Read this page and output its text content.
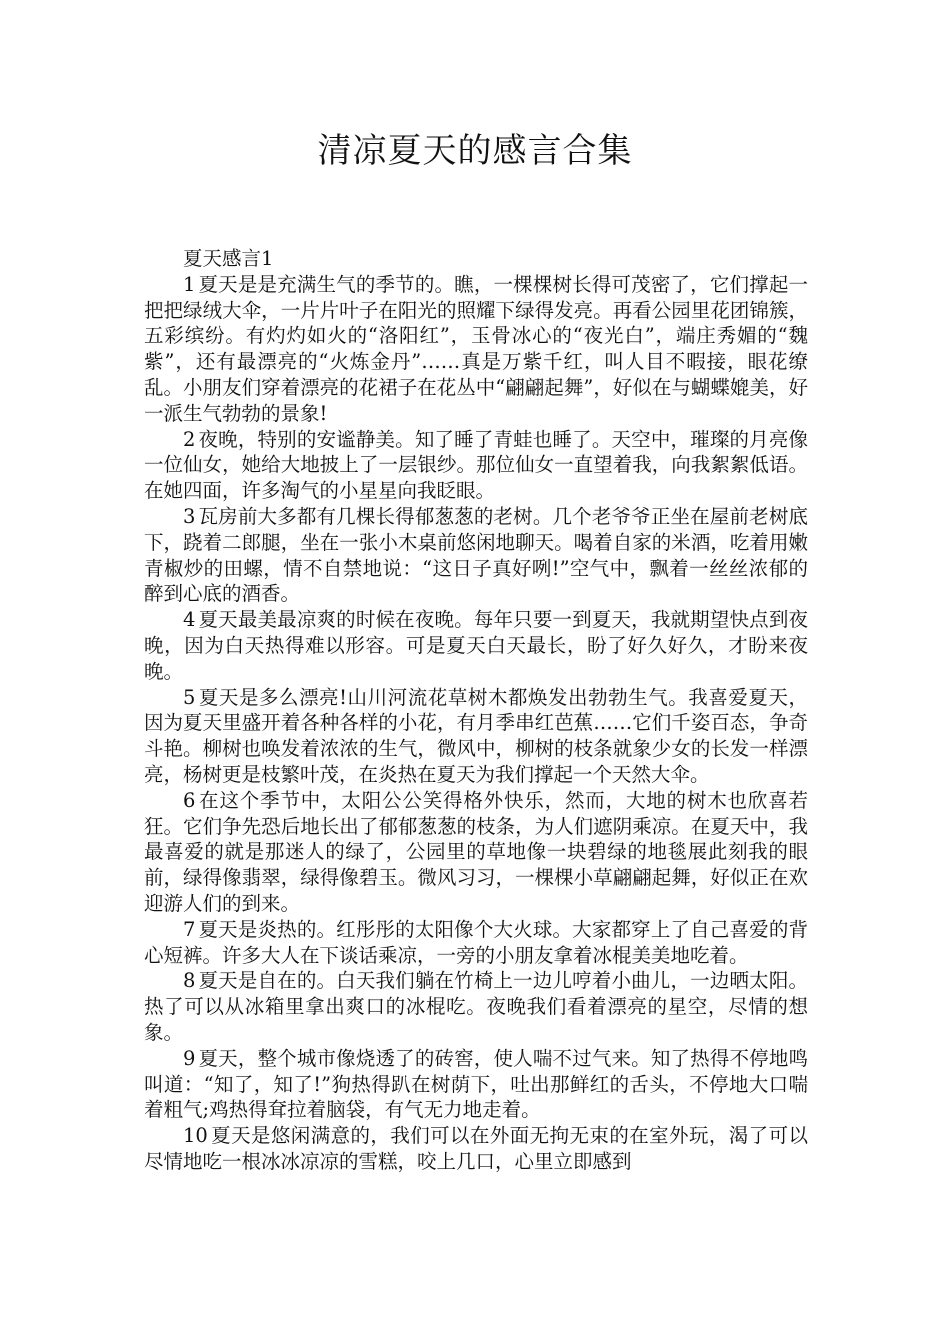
清凉夏天的感言合集

夏天感言1

1 夏天是是充满生气的季节的。瞧，一棵棵树长得可茂密了，它们撑起一把把绿绒大伞，一片片叶子在阳光的照耀下绿得发亮。再看公园里花团锦簇，五彩缤纷。有灼灼如火的“洛阳红”，玉骨冰心的“夜光白”，端庄秀媚的“魏紫”，还有最漂亮的“火炼金丹”……真是万紫千红，叫人目不暇接，眼花缭乱。小朋友们穿着漂亮的花裙子在花丛中“翩翩起舞”，好似在与蝴蝶媲美，好一派生气勃勃的景象!

2 夜晚，特别的安谧静美。知了睡了青蛙也睡了。天空中，璀璨的月亮像一位仙女，她给大地披上了一层银纱。那位仙女一直望着我，向我絮絮低语。在她四面，许多淘气的小星星向我眨眼。

3 瓦房前大多都有几棵长得郁葱葱的老树。几个老爷爷正坐在屋前老树底下，跷着二郎腿，坐在一张小木桌前悠闲地聊天。喝着自家的米酒，吃着用嫩青椒炒的田螺，情不自禁地说：“这日子真好咧!”空气中，飘着一丝丝浓郁的醉到心底的酒香。

4 夏天最美最凉爽的时候在夜晚。每年只要一到夏天，我就期望快点到夜晚，因为白天热得难以形容。可是夏天白天最长，盼了好久好久，才盼来夜晚。

5 夏天是多么漂亮!山川河流花草树木都焕发出勃勃生气。我喜爱夏天，因为夏天里盛开着各种各样的小花，有月季串红芭蕉……它们千姿百态，争奇斗艳。柳树也唤发着浓浓的生气，微风中，柳树的枝条就象少女的长发一样漂亮，杨树更是枝繁叶茂，在炎热在夏天为我们撑起一个天然大伞。

6 在这个季节中，太阳公公笑得格外快乐，然而，大地的树木也欣喜若狂。它们争先恐后地长出了郁郁葱葱的枝条，为人们遮阴乘凉。在夏天中，我最喜爱的就是那迷人的绿了，公园里的草地像一块碧绿的地毯展此刻我的眼前，绿得像翡翠，绿得像碧玉。微风习习，一棵棵小草翩翩起舞，好似正在欢迎游人们的到来。

7 夏天是炎热的。红彤彤的太阳像个大火球。大家都穿上了自己喜爱的背心短裤。许多大人在下谈话乘凉，一旁的小朋友拿着冰棍美美地吃着。

8 夏天是自在的。白天我们躺在竹椅上一边儿哼着小曲儿，一边晒太阳。热了可以从冰箱里拿出爽口的冰棍吃。夜晚我们看着漂亮的星空，尽情的想象。

9 夏天，整个城市像烧透了的砖窖，使人喘不过气来。知了热得不停地鸣叫道：“知了，知了!”狗热得趴在树荫下，吐出那鲜红的舌头，不停地大口喘着粗气;鸡热得耷拉着脑袋，有气无力地走着。

10 夏天是悠闲满意的，我们可以在外面无拘无束的在室外玩，渴了可以尽情地吃一根冰冰凉凉的雪糕，咬上几口，心里立即感到
